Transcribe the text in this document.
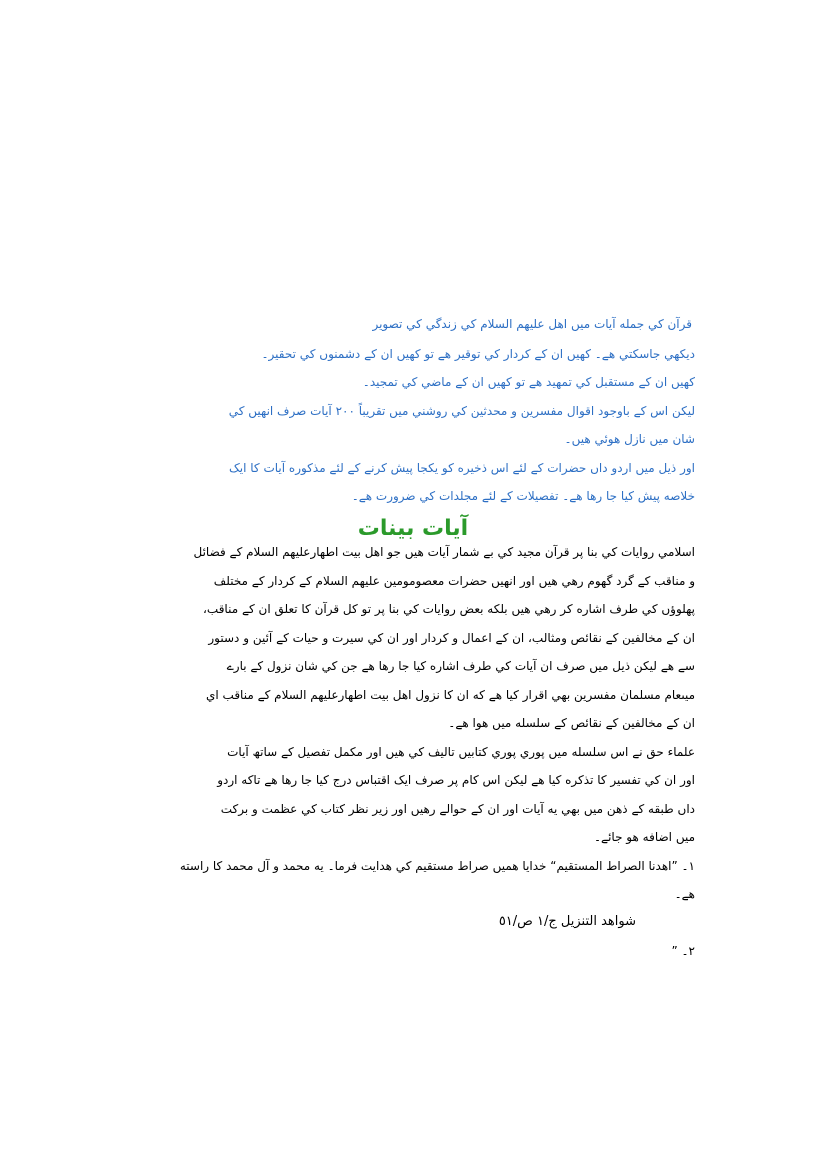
قرآن كي جمله آيات ميں اهل عليهم السلام كي زندگي كي تصوير
ديكهي جاسكتي هے۔ كهيں ان كے كردار كي توقير هے تو كهيں ان كے دشمنوں كي تحقير۔
كهيں ان كے مستقبل كي تمهيد هے تو كهيں ان كے ماضي كي تمجيد۔
ليكن اس كے باوجود اقوال مفسرين و محدثين كي روشني ميں تقريباً ٢٠٠ آيات صرف انهيں كي
شان ميں نازل هوئي هيں۔
اور ذيل ميں اردو داں حضرات كے لئے اس ذخيره كو يكجا پيش كرنے كے لئے مذكوره آيات كا ايک
خلاصه پيش كيا جا رها هے۔ تفصيلات كے لئے مجلدات كي ضرورت هے۔
آيات بينات
اسلامي روايات كي بنا پر قرآن مجيد كي بے شمار آيات هيں جو اهل بيت اطهارعليهم السلام كے فضائل
و مناقب كے گرد گهوم رهي هيں اور انهيں حضرات معصومومين عليهم السلام كے كردار كے مختلف
پهلوؤں كي طرف اشاره كر رهي هيں بلكه بعض روايات كي بنا پر تو كل قرآن كا تعلق ان كے مناقب،
ان كے مخالفين كے نقائص ومثالب، ان كے اعمال و كردار اور ان كي سيرت و حيات كے آئين و دستور
سے هے ليكن ذيل ميں صرف ان آيات كي طرف اشاره كيا جا رها هے جن كي شان نزول كے بارے
ميںعام مسلمان مفسرين بهي اقرار كيا هے كه ان كا نزول اهل بيت اطهارعليهم السلام كے مناقب اي
ان كے مخالفين كے نقائص كے سلسله ميں هوا هے۔
علماء حق نے اس سلسله ميں پوري پوري كتابيں تاليف كي هيں اور مكمل تفصيل كے ساتھ آيات
اور ان كي تفسير كا تذكره كيا هے ليكن اس كام پر صرف ايک اقتباس درج كيا جا رها هے تاكه اردو
داں طبقه كے ذهن ميں بهي يه آيات اور ان كے حوالے رهيں اور زير نظر كتاب كي عظمت و بركت
ميں اضافه هو جائے۔
۱۔ ”اهدنا الصراط المستقيم“ خدايا همیں صراط مستقيم كي هدايت فرما۔ يه محمد و آل محمد كا راسته
هے۔
شواهد التنزيل ج/١ ص/٥١
۲۔ ”
